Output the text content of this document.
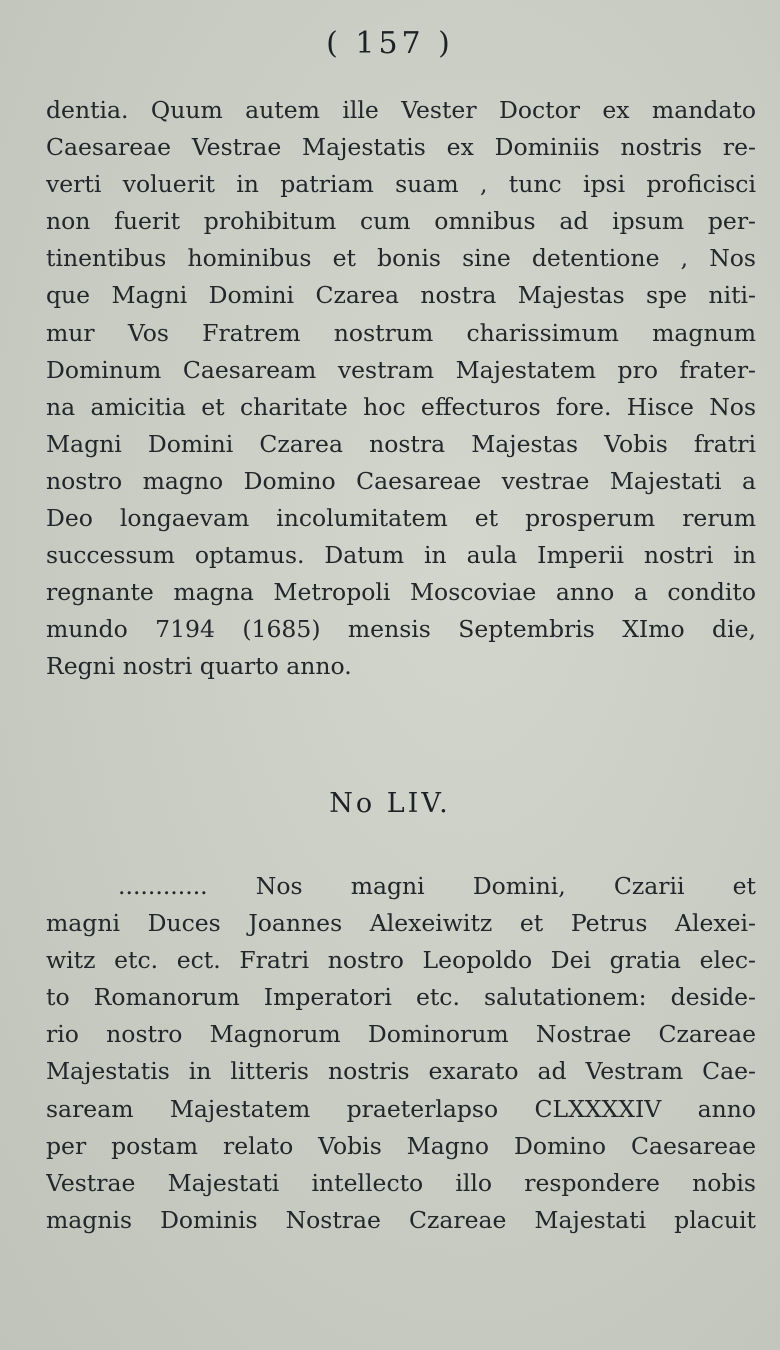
( 157 )
dentia. Quum autem ille Vester Doctor ex mandato
Caesareae Vestrae Majestatis ex Dominiis nostris re-
verti voluerit in patriam suam , tunc ipsi proficisci
non fuerit prohibitum cum omnibus ad ipsum per-
tinentibus hominibus et bonis sine detentione , Nos
que Magni Domini Czarea nostra Majestas spe niti-
mur Vos Fratrem nostrum charissimum magnum
Dominum Caesaream vestram Majestatem pro frater-
na amicitia et charitate hoc effecturos fore. Hisce Nos
Magni Domini Czarea nostra Majestas Vobis fratri
nostro magno Domino Caesareae vestrae Majestati a
Deo longaevam incolumitatem et prosperum rerum
successum optamus. Datum in aula Imperii nostri in
regnante magna Metropoli Moscoviae anno a condito
mundo 7194 (1685) mensis Septembris XImo die,
Regni nostri quarto anno.
No LIV.
............ Nos magni Domini, Czarii et
magni Duces Joannes Alexeiwitz et Petrus Alexei-
witz etc. ect. Fratri nostro Leopoldo Dei gratia elec-
to Romanorum Imperatori etc. salutationem: deside-
rio nostro Magnorum Dominorum Nostrae Czareae
Majestatis in litteris nostris exarato ad Vestram Cae-
saream Majestatem praeterlapso CLXXXXIV anno
per postam relato Vobis Magno Domino Caesareae
Vestrae Majestati intellecto illo respondere nobis
magnis Dominis Nostrae Czareae Majestati placuit
